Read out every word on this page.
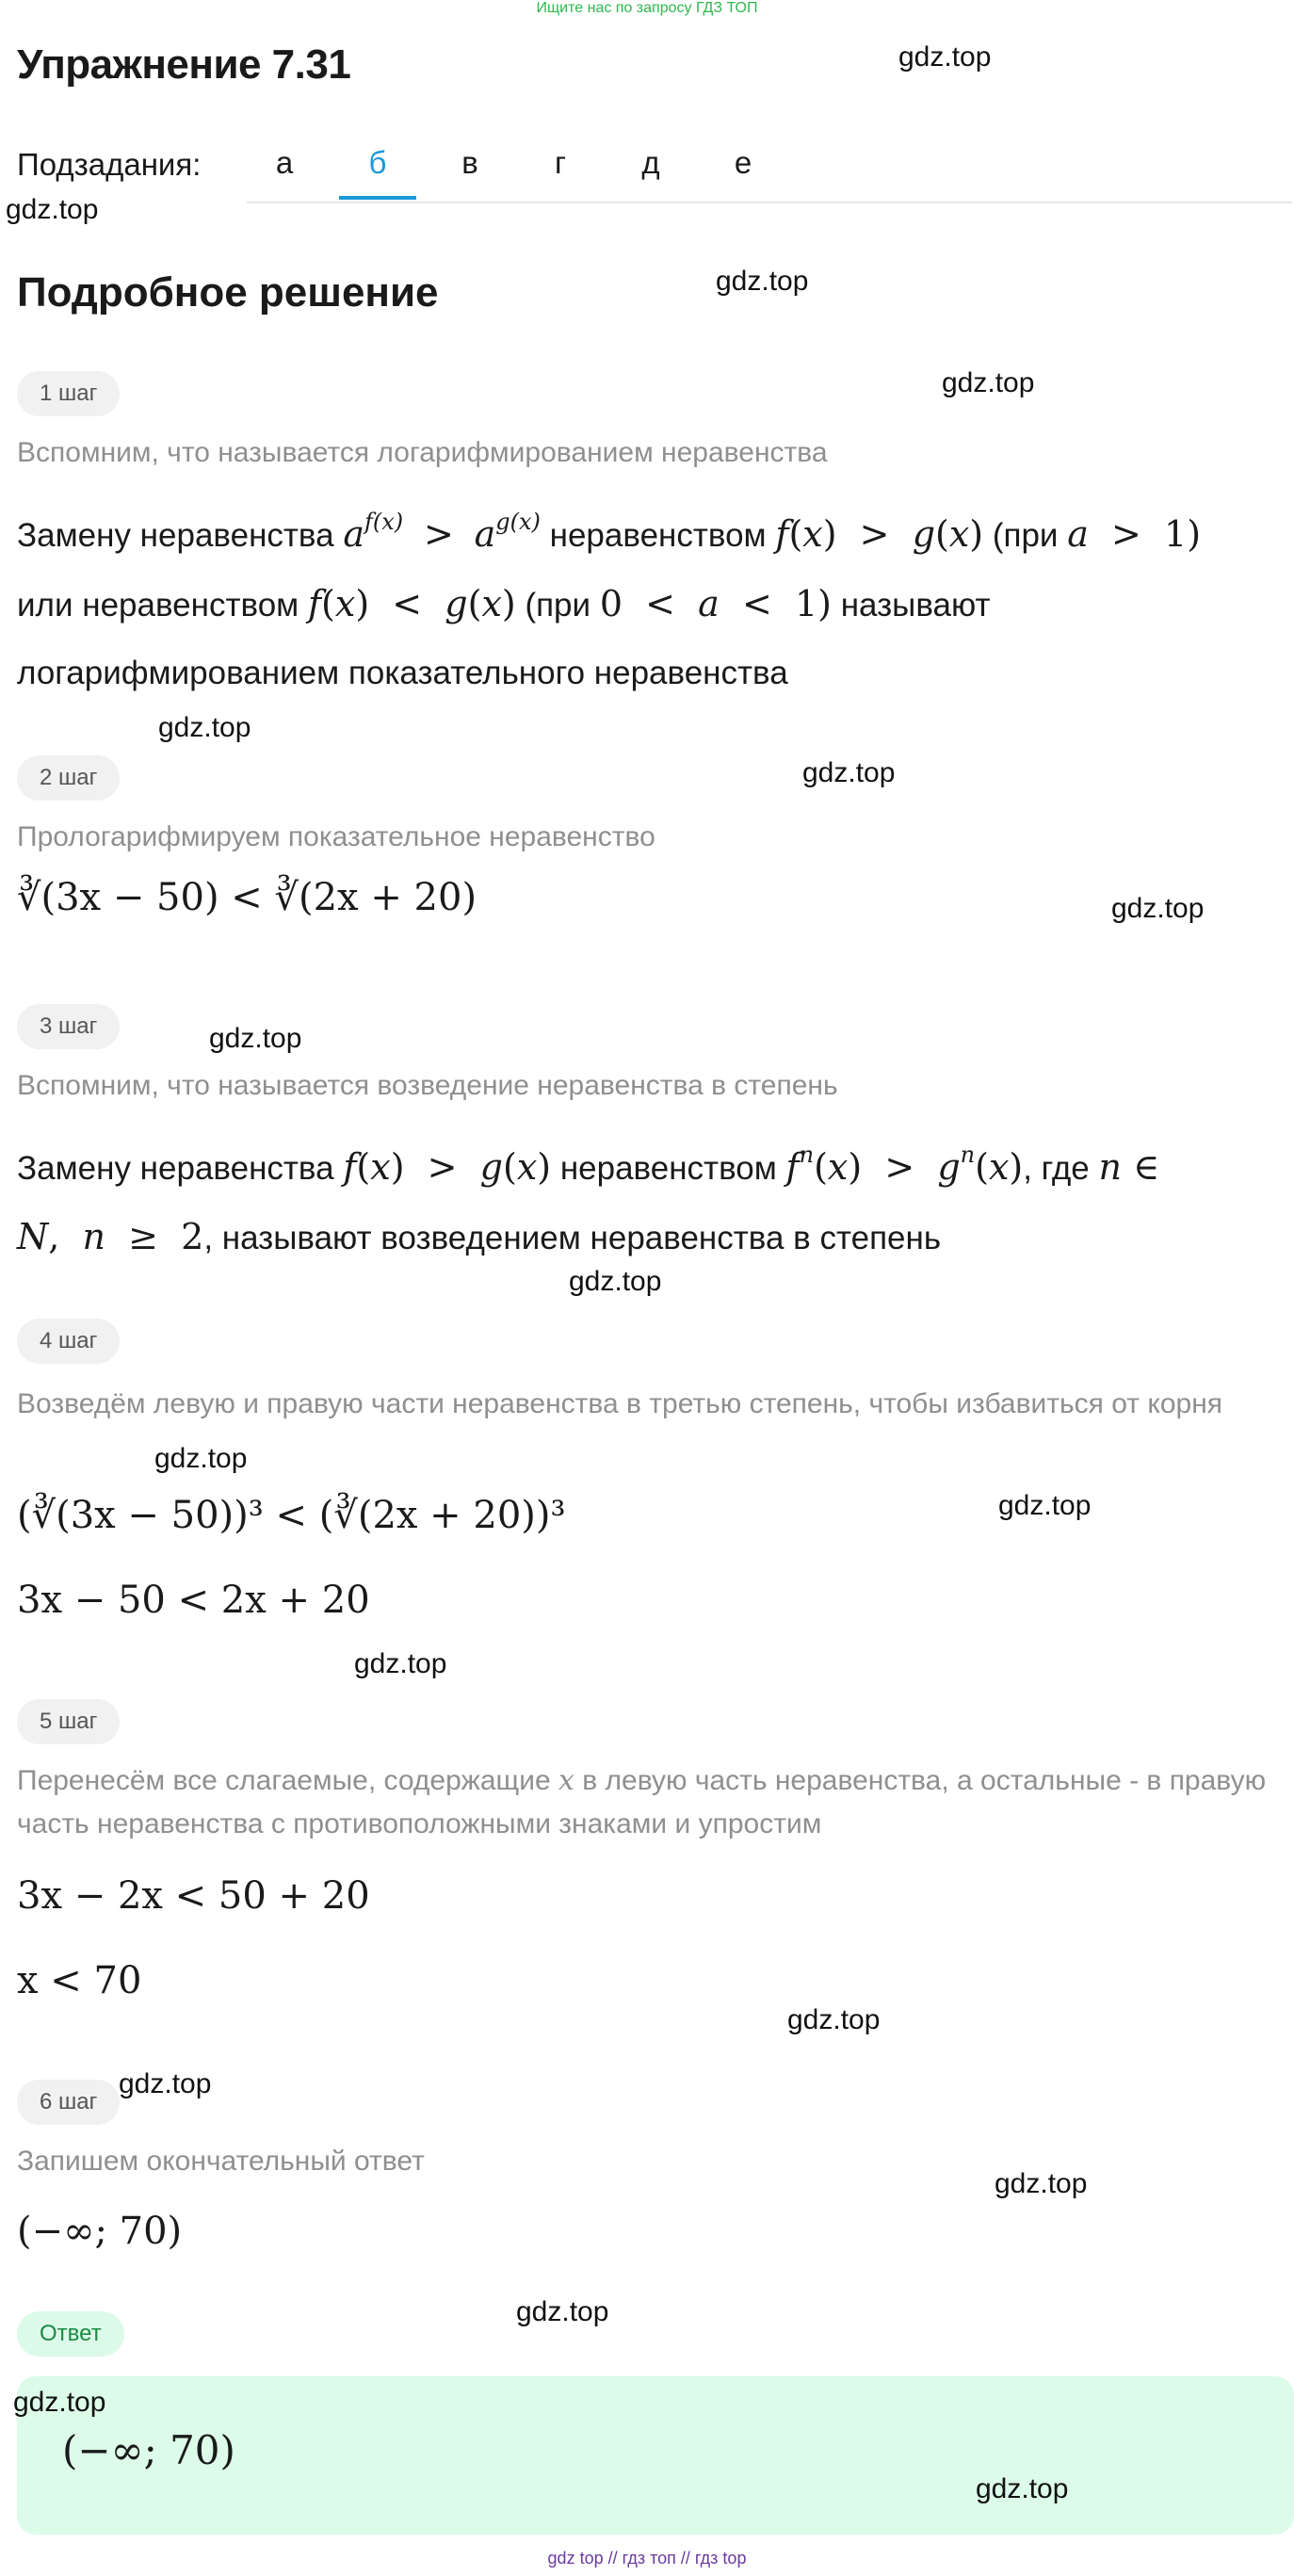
Ищите нас по запросу ГДЗ ТОП
Упражнение 7.31
Подзадания:	а	б	в	г	д	е
Подробное решение
1 шаг
Вспомним, что называется логарифмированием неравенства
Замену неравенства $a^{f(x)} > a^{g(x)}$ неравенством f(x)  >  g(x) (при a  >  1)
или неравенством f(x)  <  g(x) (при 0  <  a  <  1) называют
логарифмированием показательного неравенства
2 шаг
Прологарифмируем показательное неравенство
∛(3x − 50) < ∛(2x + 20)
3 шаг
Вспомним, что называется возведение неравенства в степень
Замену неравенства f(x)  >  g(x) неравенством $f^n(x) > g^n(x)$, где n ∈
N,  n  ≥  2, называют возведением неравенства в степень
4 шаг
Возведём левую и правую части неравенства в третью степень, чтобы избавиться от корня
(∛(3x − 50))³ < (∛(2x + 20))³
3x − 50 < 2x + 20
5 шаг
Перенесём все слагаемые, содержащие x в левую часть неравенства, а остальные - в правую часть неравенства с противоположными знаками и упростим
3x − 2x < 50 + 20
x < 70
6 шаг
Запишем окончательный ответ
(−∞; 70)
Ответ
(−∞; 70)
gdz.top
gdz.top
gdz.top
gdz.top
gdz.top
gdz.top
gdz.top
gdz.top
gdz.top
gdz.top
gdz.top
gdz.top
gdz.top
gdz.top
gdz.top
gdz.top
gdz.top
gdz.top
gdz top // гдз топ // гдз top
